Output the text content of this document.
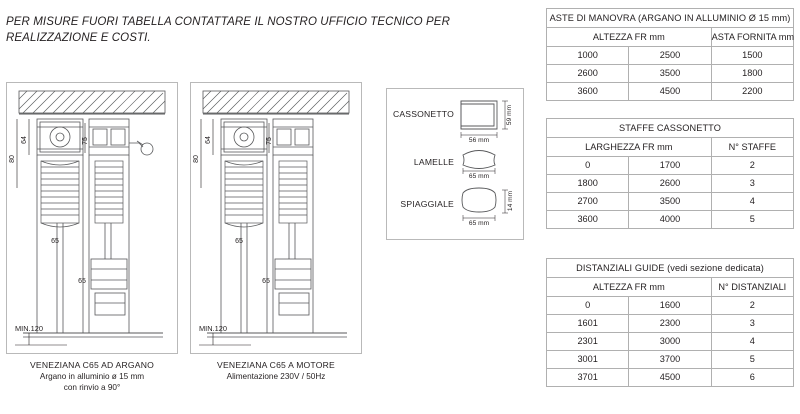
PER MISURE FUORI TABELLA CONTATTARE IL NOSTRO UFFICIO TECNICO PER REALIZZAZIONE E COSTI.
64
80
75
65
65
MIN.120
VENEZIANA C65 AD ARGANO
Argano in alluminio ø 15 mm
con rinvio a 90°
64
80
75
65
65
MIN.120
VENEZIANA C65 A MOTORE
Alimentazione 230V / 50Hz
56 mm
59 mm
65 mm
65 mm
14 mm
CASSONETTO
LAMELLE
SPIAGGIALE
ASTE DI MANOVRA (ARGANO IN ALLUMINIO Ø 15 mm)		
ALTEZZA FR mm		ASTA FORNITA mm
1000	2500	1500
2600	3500	1800
3600	4500	2200
STAFFE CASSONETTO		
LARGHEZZA FR mm		N° STAFFE
0	1700	2
1800	2600	3
2700	3500	4
3600	4000	5
DISTANZIALI GUIDE (vedi sezione dedicata)		
ALTEZZA FR mm		N° DISTANZIALI
0	1600	2
1601	2300	3
2301	3000	4
3001	3700	5
3701	4500	6
